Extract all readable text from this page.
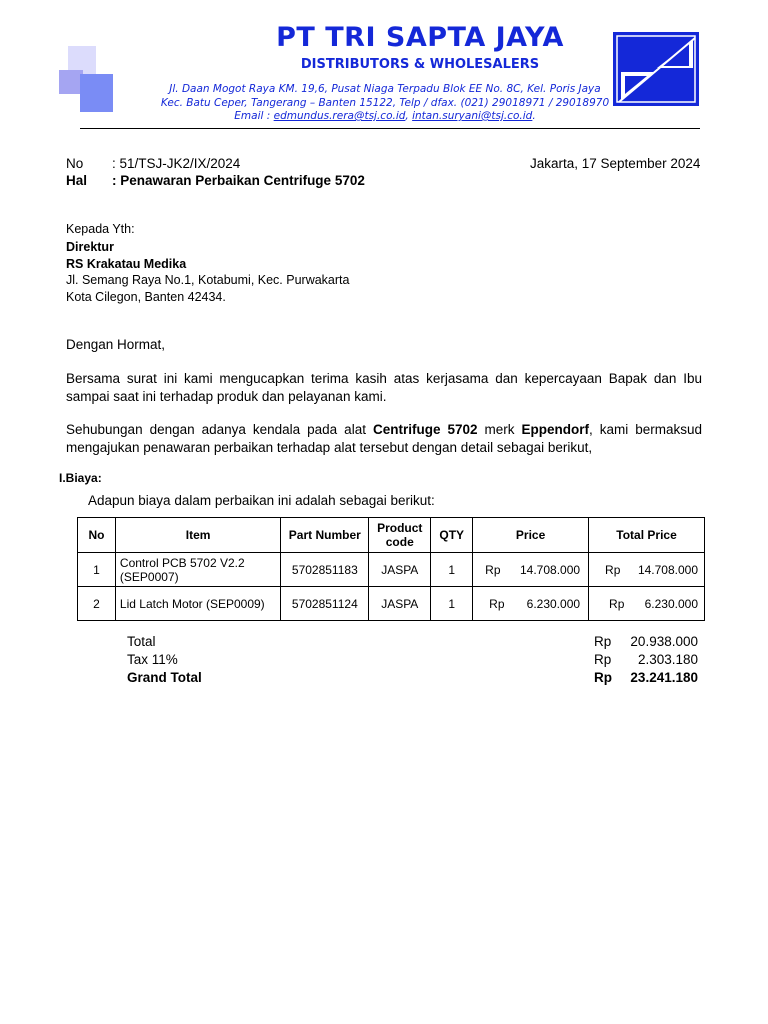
PT TRI SAPTA JAYA
DISTRIBUTORS & WHOLESALERS
Jl. Daan Mogot Raya KM. 19,6, Pusat Niaga Terpadu Blok EE No. 8C, Kel. Poris Jaya
Kec. Batu Ceper, Tangerang – Banten 15122, Telp / dfax. (021) 29018971 / 29018970
Email : edmundus.rera@tsj.co.id, intan.suryani@tsj.co.id.
No : 51/TSJ-JK2/IX/2024	Jakarta, 17 September 2024
Hal : Penawaran Perbaikan Centrifuge 5702
Kepada Yth:
Direktur
RS Krakatau Medika
Jl. Semang Raya No.1, Kotabumi, Kec. Purwakarta
Kota Cilegon, Banten 42434.
Dengan Hormat,
Bersama surat ini kami mengucapkan terima kasih atas kerjasama dan kepercayaan Bapak dan Ibu sampai saat ini terhadap produk dan pelayanan kami.
Sehubungan dengan adanya kendala pada alat Centrifuge 5702 merk Eppendorf, kami bermaksud mengajukan penawaran perbaikan terhadap alat tersebut dengan detail sebagai berikut,
I.Biaya:
Adapun biaya dalam perbaikan ini adalah sebagai berikut:
No	Item	Part Number	Product code	QTY	Price	Total Price
1	Control PCB 5702 V2.2 (SEP0007)	5702851183	JASPA	1	Rp 14.708.000	Rp 14.708.000

2	Lid Latch Motor (SEP0009)	5702851124	JASPA	1	Rp 6.230.000	Rp 6.230.000
Total	Rp	20.938.000
Tax 11%	Rp	2.303.180
Grand Total	Rp	23.241.180
